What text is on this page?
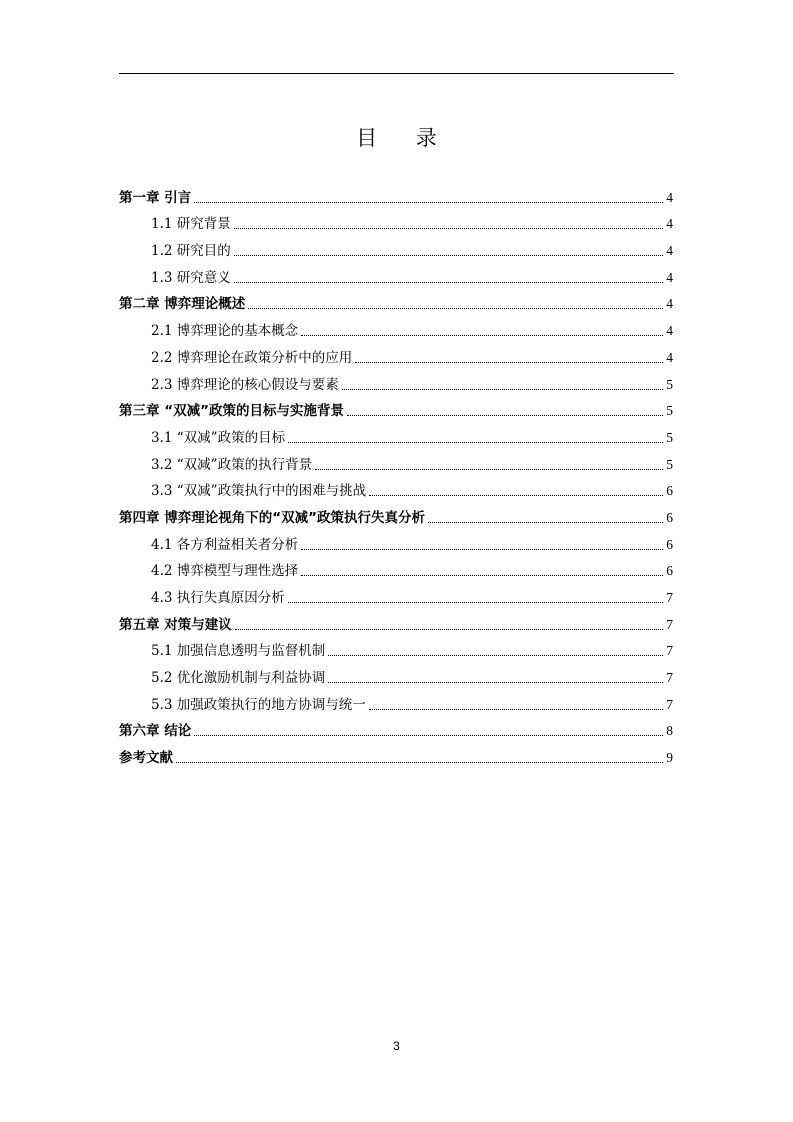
目 录
第一章 引言	4
1.1 研究背景	4
1.2 研究目的	4
1.3 研究意义	4
第二章 博弈理论概述	4
2.1 博弈理论的基本概念	4
2.2 博弈理论在政策分析中的应用	4
2.3 博弈理论的核心假设与要素	5
第三章 “双减”政策的目标与实施背景	5
3.1 “双减”政策的目标	5
3.2 “双减”政策的执行背景	5
3.3 “双减”政策执行中的困难与挑战	6
第四章 博弈理论视角下的“双减”政策执行失真分析	6
4.1 各方利益相关者分析	6
4.2 博弈模型与理性选择	6
4.3 执行失真原因分析	7
第五章 对策与建议	7
5.1 加强信息透明与监督机制	7
5.2 优化激励机制与利益协调	7
5.3 加强政策执行的地方协调与统一	7
第六章 结论	8
参考文献	9
3
